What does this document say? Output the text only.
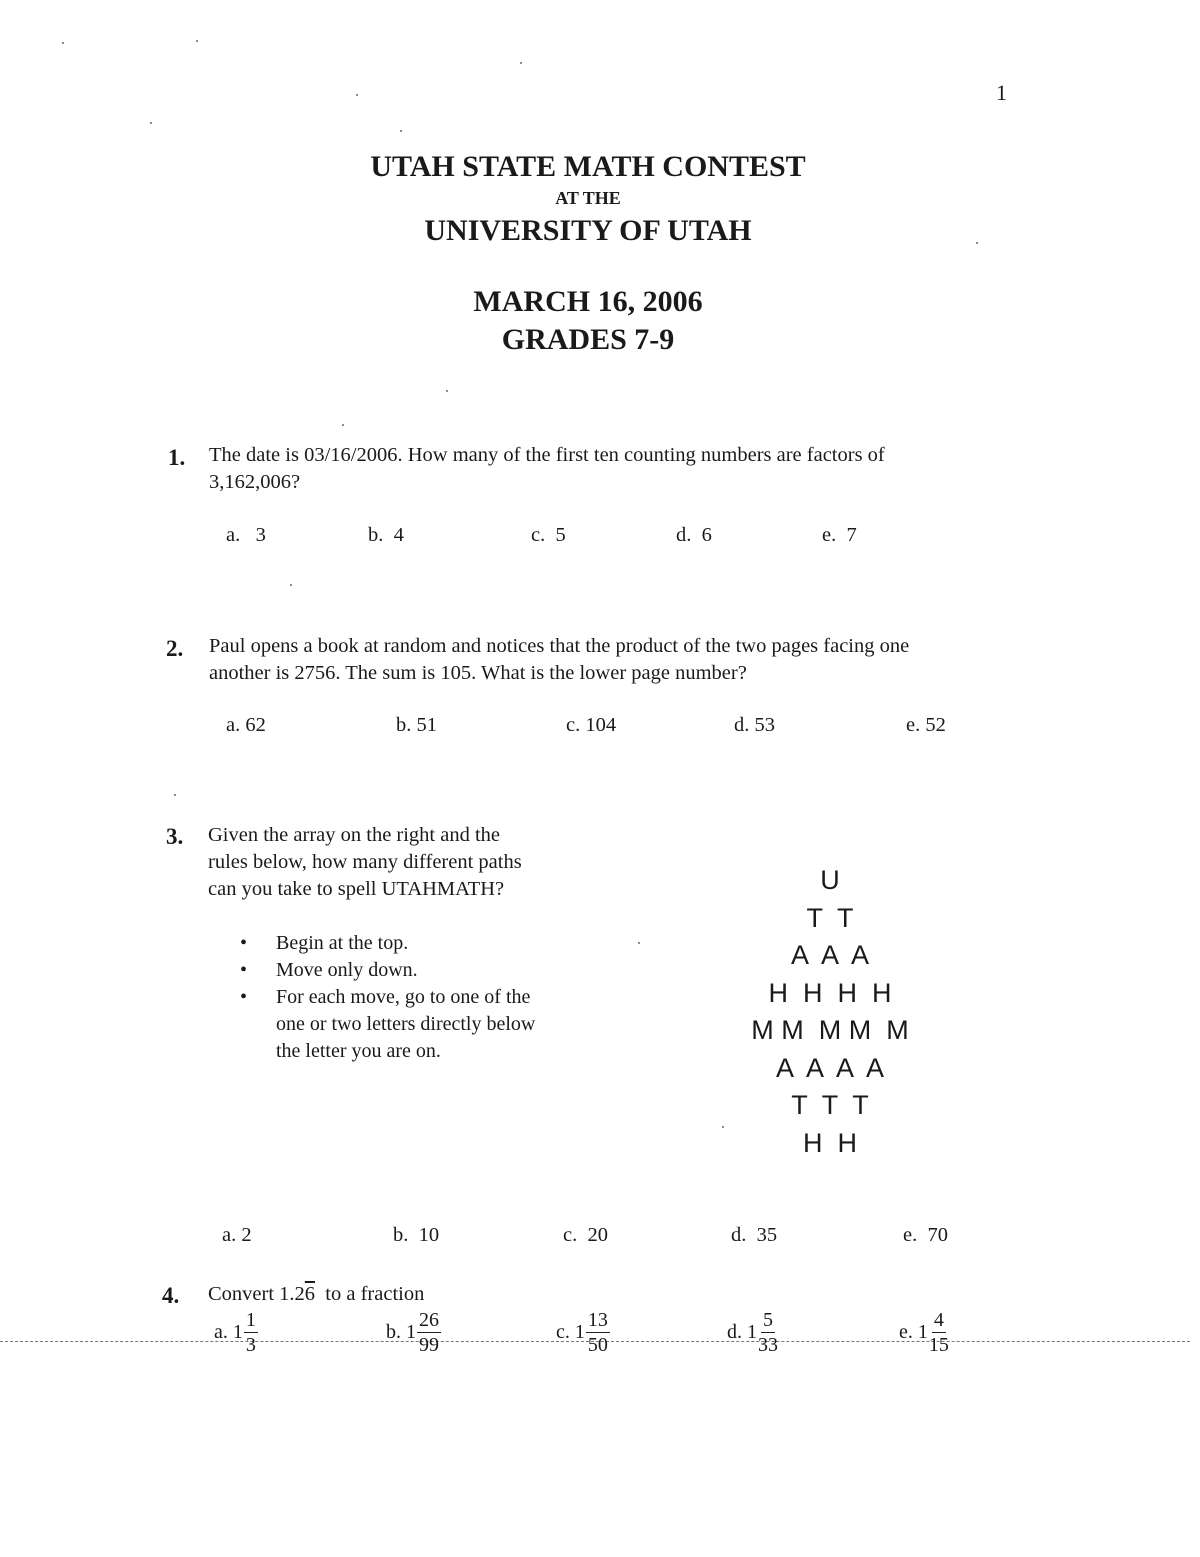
1
UTAH STATE MATH CONTEST
AT THE
UNIVERSITY OF UTAH
MARCH 16, 2006
GRADES 7-9
1. The date is 03/16/2006. How many of the first ten counting numbers are factors of
3,162,006?
a.   3	b.  4	c.  5	d.  6	e.  7
2. Paul opens a book at random and notices that the product of the two pages facing one
another is 2756. The sum is 105. What is the lower page number?
a. 62	b. 51	c. 104	d. 53	e. 52
3. Given the array on the right and the
rules below, how many different paths
can you take to spell UTAHMATH?
•	Begin at the top.
•	Move only down.
•	For each move, go to one of the
one or two letters directly below
the letter you are on.
U
T  T
A  A  A
H  H  H  H
M M  M M  M
A  A  A  A
T  T  T
H  H
a. 2	b.  10	c.  20	d.  35	e.  70
4. Convert 1.26  to a fraction
a. $1 \frac{1}{3}$	b. $1 \frac{26}{99}$	c. $1 \frac{13}{50}$	d. $1 \frac{5}{33}$	e. $1 \frac{4}{15}$
